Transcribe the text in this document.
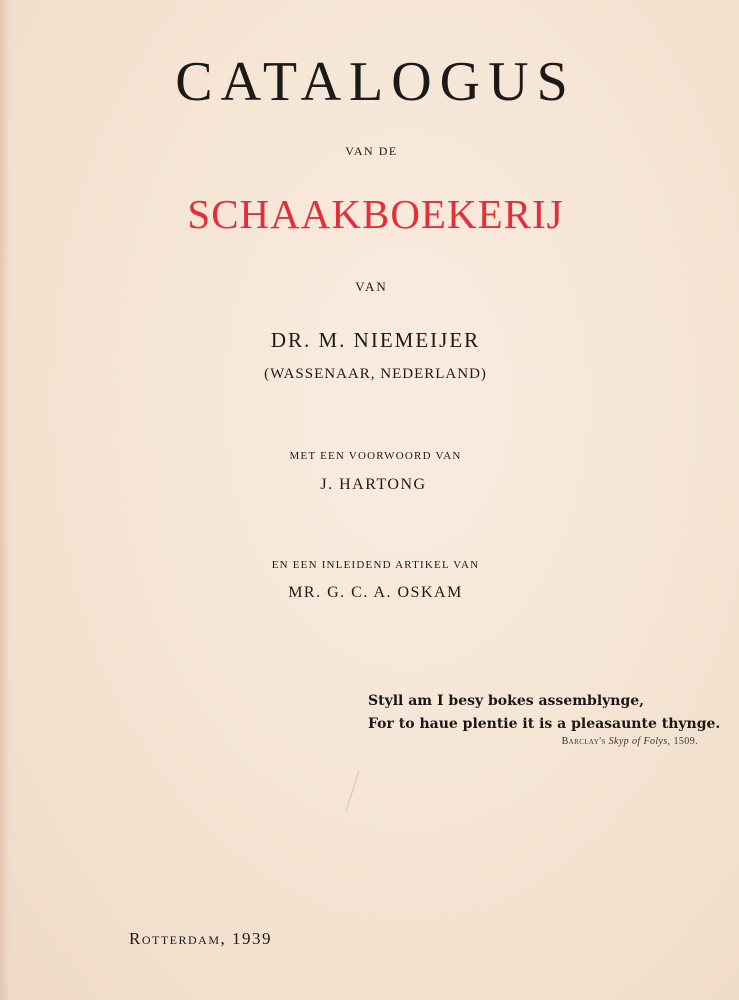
CATALOGUS
VAN DE
SCHAAKBOEKERIJ
VAN
DR. M. NIEMEIJER
(WASSENAAR, NEDERLAND)
MET EEN VOORWOORD VAN
J. HARTONG
EN EEN INLEIDEND ARTIKEL VAN
MR. G. C. A. OSKAM
Styll am I besy bokes assemblynge,
For to haue plentie it is a pleasaunte thynge.
Barclay's Skyp of Folys, 1509.
Rotterdam, 1939
